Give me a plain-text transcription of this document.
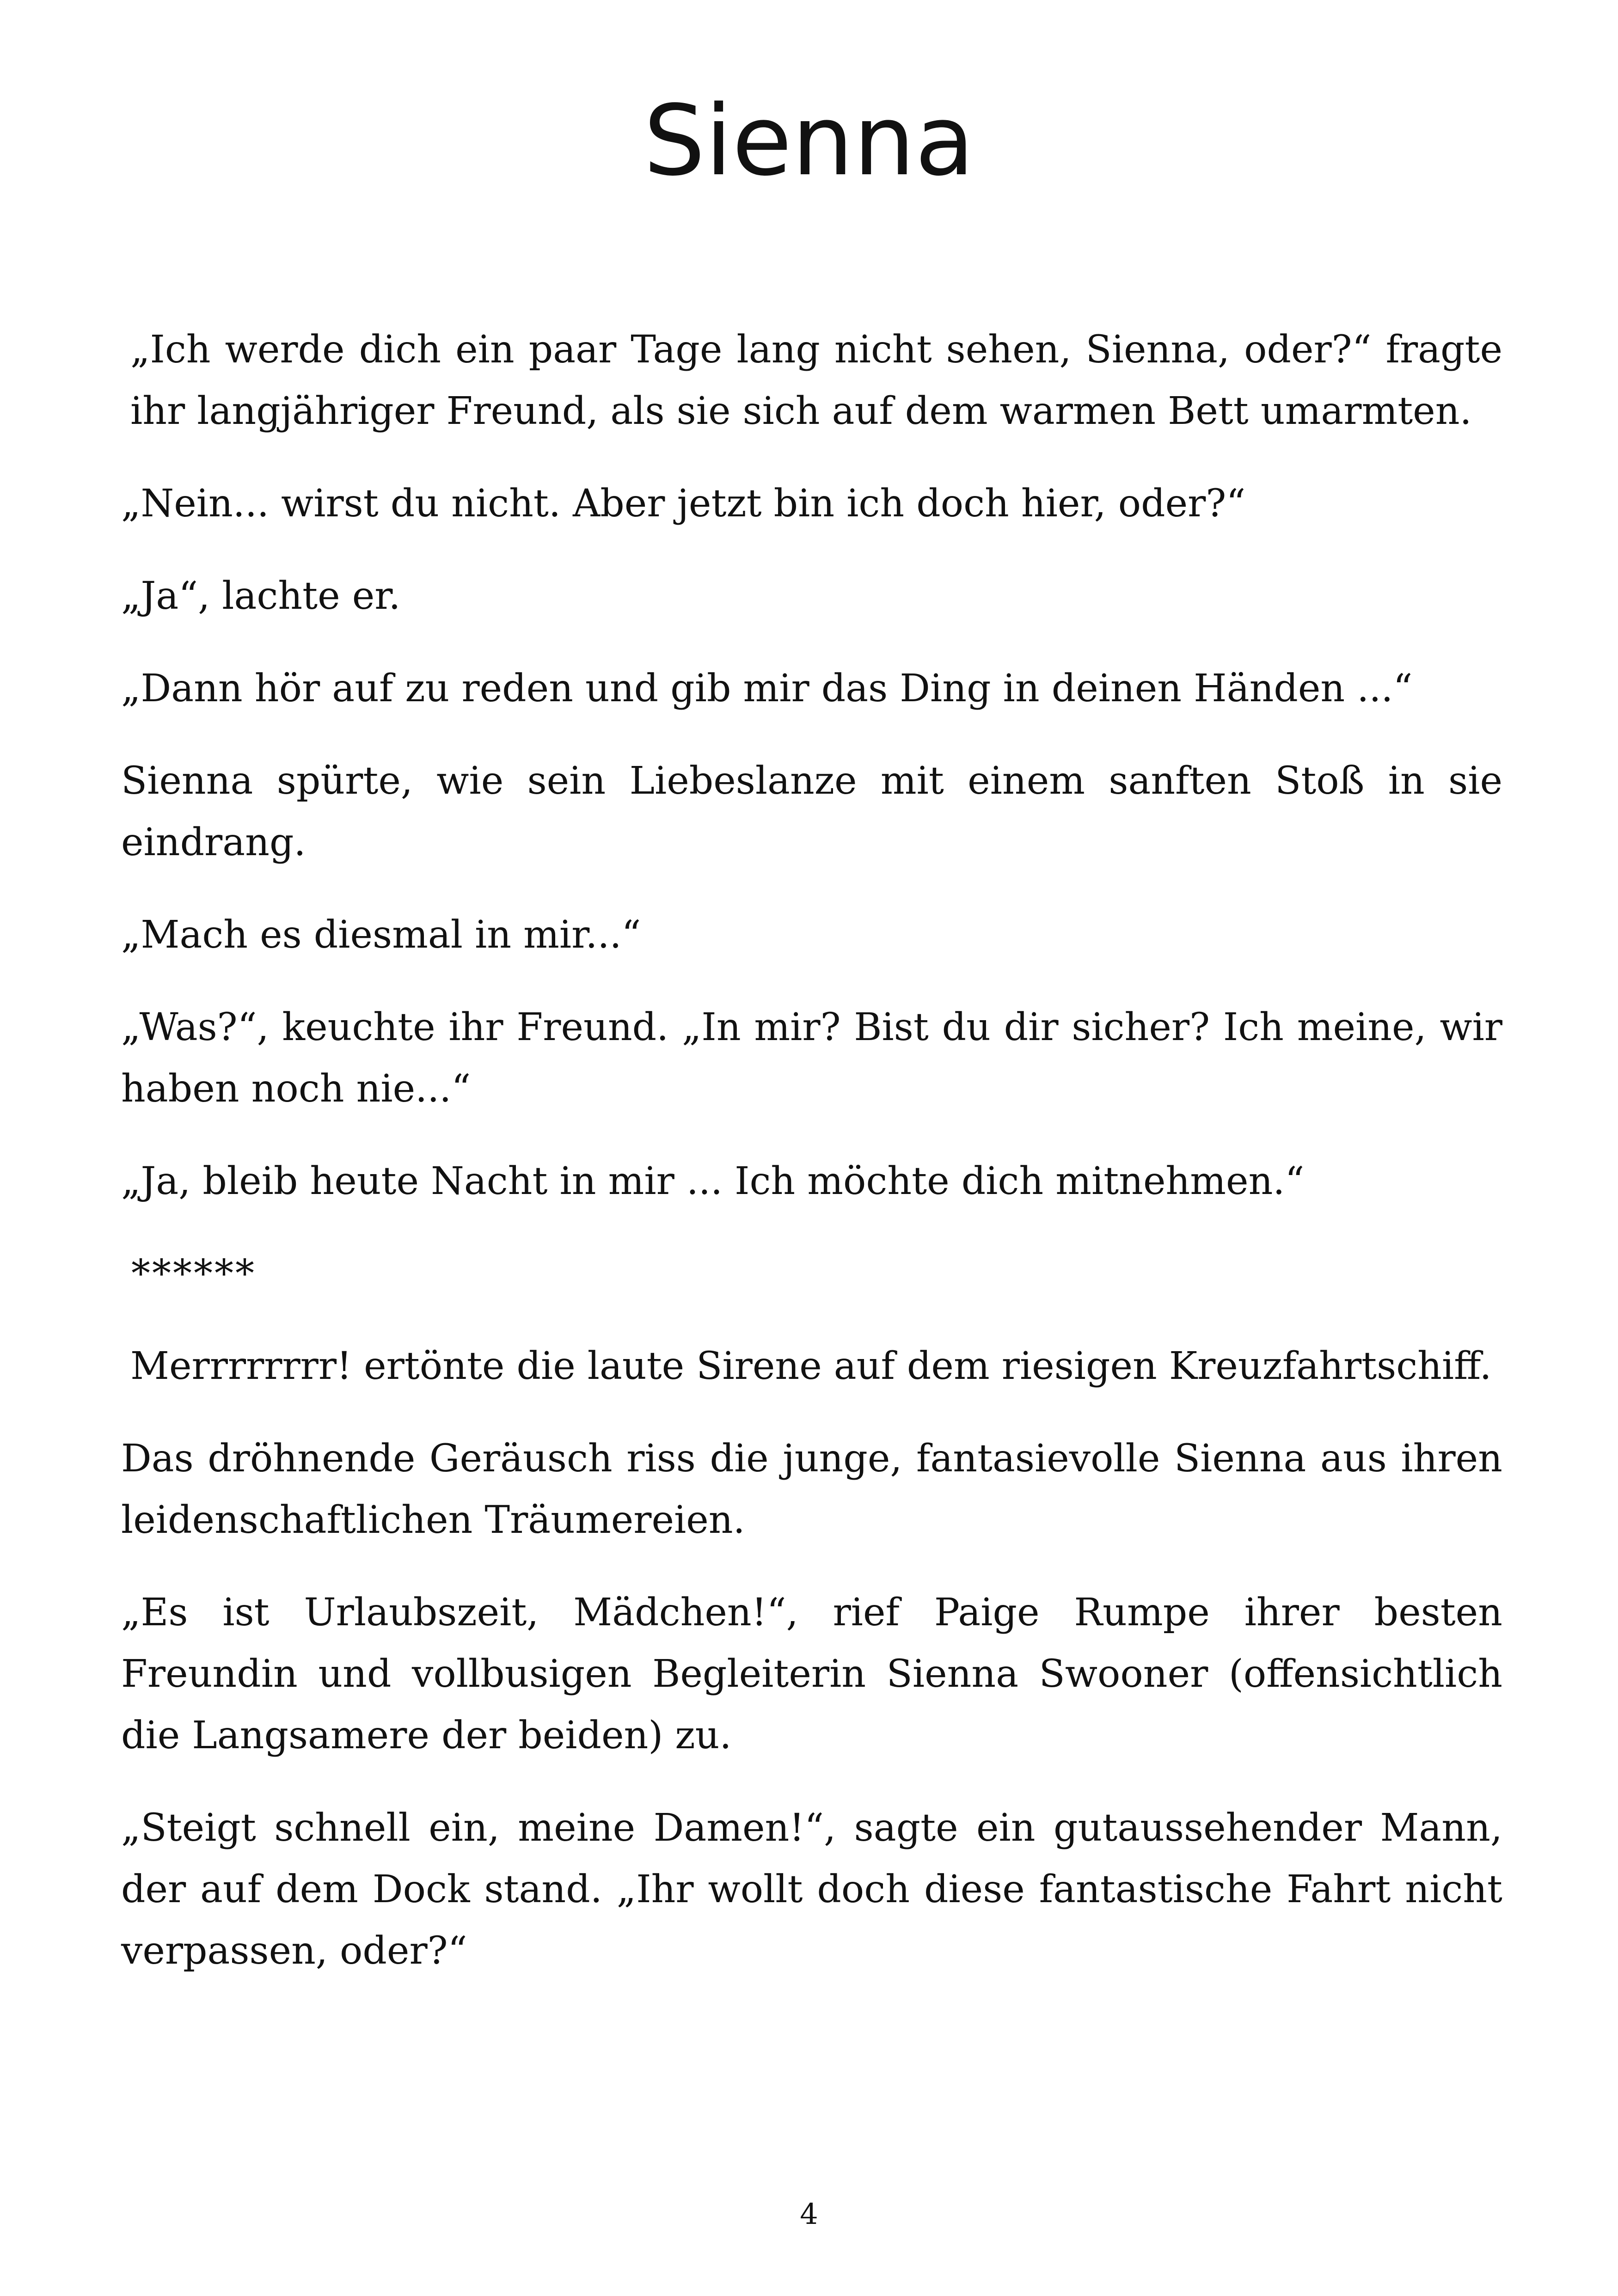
Sienna

„Ich werde dich ein paar Tage lang nicht sehen, Sienna, oder?“ fragte ihr langjähriger Freund, als sie sich auf dem warmen Bett umarmten.

„Nein... wirst du nicht. Aber jetzt bin ich doch hier, oder?“

„Ja“, lachte er.

„Dann hör auf zu reden und gib mir das Ding in deinen Händen ...“

Sienna spürte, wie sein Liebeslanze mit einem sanften Stoß in sie eindrang.

„Mach es diesmal in mir...“

„Was?“, keuchte ihr Freund. „In mir? Bist du dir sicher? Ich meine, wir haben noch nie...“

„Ja, bleib heute Nacht in mir ... Ich möchte dich mitnehmen.“

******

Merrrrrrrr! ertönte die laute Sirene auf dem riesigen Kreuzfahrtschiff.

Das dröhnende Geräusch riss die junge, fantasievolle Sienna aus ihren leidenschaftlichen Träumereien.

„Es ist Urlaubszeit, Mädchen!“, rief Paige Rumpe ihrer besten Freundin und vollbusigen Begleiterin Sienna Swooner (offensichtlich die Langsamere der beiden) zu.

„Steigt schnell ein, meine Damen!“, sagte ein gutaussehender Mann, der auf dem Dock stand. „Ihr wollt doch diese fantastische Fahrt nicht verpassen, oder?“

4
